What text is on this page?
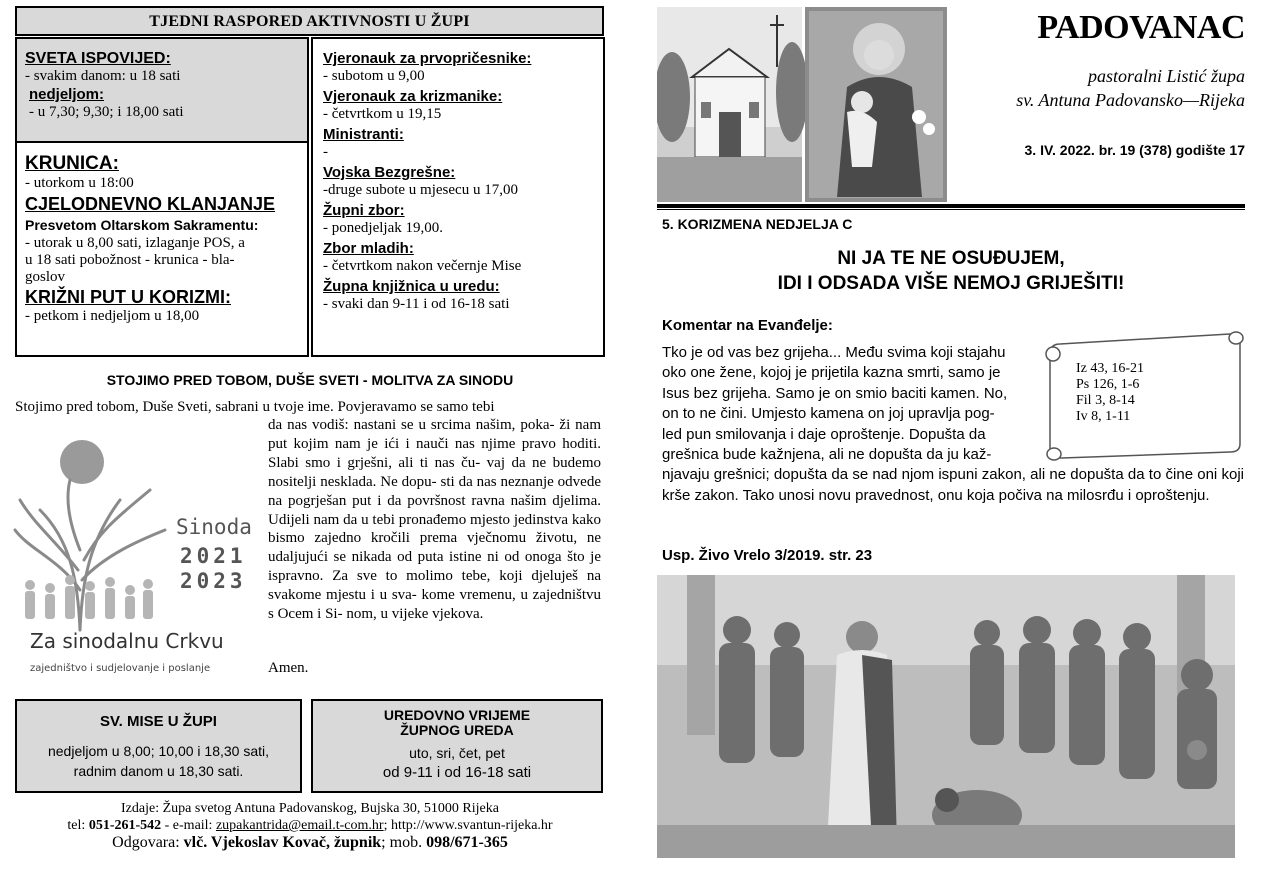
TJEDNI RASPORED AKTIVNOSTI U ŽUPI
SVETA ISPOVIJED:
- svakim danom: u 18 sati
nedjeljom:
- u 7,30; 9,30; i 18,00 sati
KRUNICA:
- utorkom u 18:00
CJELODNEVNO KLANJANJE
Presvetom Oltarskom Sakramentu:
- utorak u 8,00 sati, izlaganje POS, a
u 18 sati pobožnost - krunica - bla-
goslov
KRIŽNI PUT U KORIZMI:
- petkom i nedjeljom u 18,00
Vjeronauk za prvopričesnike:
- subotom u 9,00
Vjeronauk za krizmanike:
- četvrtkom u 19,15
Ministranti:
-
Vojska Bezgrešne:
-druge subote u mjesecu u 17,00
Župni zbor:
- ponedjeljak 19,00.
Zbor mladih:
- četvrtkom nakon večernje Mise
Župna knjižnica u uredu:
- svaki dan 9-11 i od 16-18 sati
STOJIMO PRED TOBOM, DUŠE SVETI - MOLITVA ZA SINODU
Stojimo pred tobom, Duše Sveti, sabrani u tvoje ime. Povjeravamo se samo tebi
da nas vodiš: nastani se u srcima našim, poka- ži nam put kojim nam je ići i nauči nas njime pravo hoditi. Slabi smo i grješni, ali ti nas ču- vaj da ne budemo nositelji nesklada. Ne dopu- sti da nas neznanje odvede na pogrješan put i da površnost ravna našim djelima. Udijeli nam da u tebi pronađemo mjesto jedinstva kako bismo zajedno kročili prema vječnomu životu, ne udaljujući se nikada od puta istine ni od onoga što je ispravno. Za sve to molimo tebe, koji djeluješ na svakome mjestu i u sva- kome vremenu, u zajedništvu s Ocem i Si- nom, u vijeke vjekova.
Amen.
Sinoda
2021
2023
Za sinodalnu Crkvu
zajedništvo i sudjelovanje i poslanje
SV. MISE U ŽUPI
nedjeljom u 8,00; 10,00 i 18,30 sati,
radnim danom u 18,30 sati.
UREDOVNO VRIJEME
ŽUPNOG UREDA
uto, sri, čet, pet
od 9-11 i od 16-18 sati
Izdaje: Župa svetog Antuna Padovanskog, Bujska 30, 51000 Rijeka
tel: 051-261-542 - e-mail: zupakantrida@email.t-com.hr; http://www.svantun-rijeka.hr
Odgovara: vlč. Vjekoslav Kovač, župnik; mob. 098/671-365
PADOVANAC
pastoralni Listić župa
sv. Antuna Padovansko—Rijeka
3. IV. 2022. br. 19 (378) godište 17
5. KORIZMENA NEDJELJA C
NI JA TE NE OSUĐUJEM,
IDI I ODSADA VIŠE NEMOJ GRIJEŠITI!
Komentar na Evanđelje:
Tko je od vas bez grijeha... Među svima koji stajahu
oko one žene, kojoj je prijetila kazna smrti, samo je
Isus bez grijeha. Samo je on smio baciti kamen. No,
on to ne čini. Umjesto kamena on joj upravlja pog-
led pun smilovanja i daje oproštenje. Dopušta da
grešnica bude kažnjena, ali ne dopušta da ju kaž-
njavaju grešnici; dopušta da se nad njom ispuni zakon, ali ne dopušta da to čine oni koji krše zakon. Tako unosi novu pravednost, onu koja počiva na milosrđu i oproštenju.
Iz 43, 16-21
Ps 126, 1-6
Fil 3, 8-14
Iv 8, 1-11
Usp. Živo Vrelo 3/2019. str. 23
